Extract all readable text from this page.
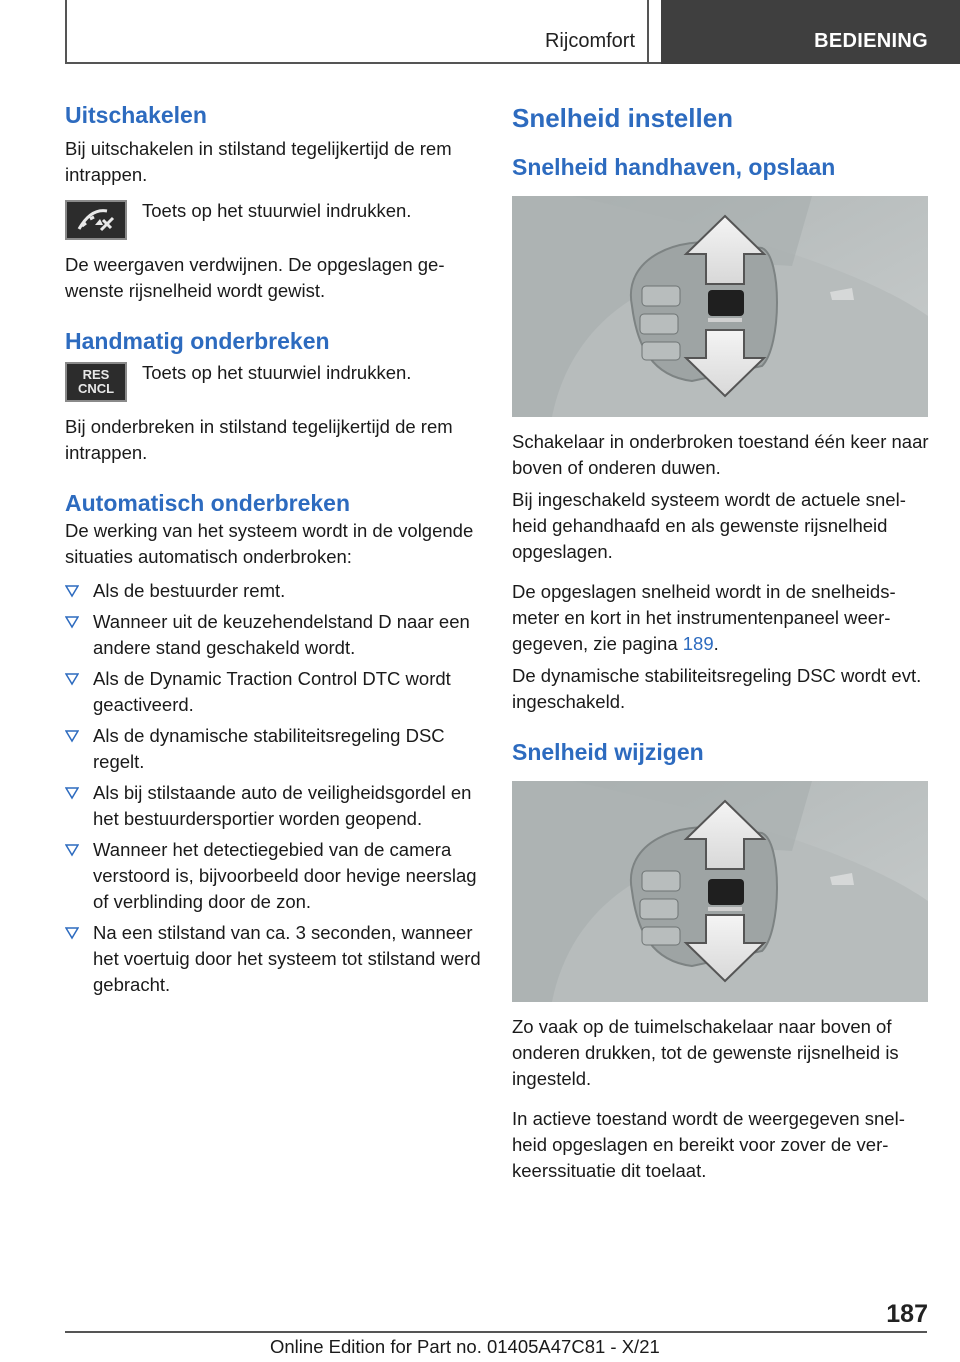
Rijcomfort	BEDIENING
Uitschakelen

Bij uitschakelen in stilstand tegelijkertijd de rem intrappen.

Toets op het stuurwiel indrukken.

De weergaven verdwijnen. De opgeslagen gewenste rijsnelheid wordt gewist.

Handmatig onderbreken
RES
CNCL
Toets op het stuurwiel indrukken.

Bij onderbreken in stilstand tegelijkertijd de rem intrappen.

Automatisch onderbreken

De werking van het systeem wordt in de volgende situaties automatisch onderbroken:

Als de bestuurder remt.
Wanneer uit de keuzehendelstand D naar een andere stand geschakeld wordt.
Als de Dynamic Traction Control DTC wordt geactiveerd.
Als de dynamische stabiliteitsregeling DSC regelt.
Als bij stilstaande auto de veiligheidsgordel en het bestuurdersportier worden geopend.
Wanneer het detectiegebied van de camera verstoord is, bijvoorbeeld door hevige neerslag of verblinding door de zon.
Na een stilstand van ca. 3 seconden, wanneer het voertuig door het systeem tot stilstand werd gebracht.
Snelheid instellen
Snelheid handhaven, opslaan

Schakelaar in onderbroken toestand één keer naar boven of onderen duwen.

Bij ingeschakeld systeem wordt de actuele snelheid gehandhaafd en als gewenste rijsnelheid opgeslagen.

De opgeslagen snelheid wordt in de snelheidsmeter en kort in het instrumentenpaneel weergegeven, zie pagina 189.

De dynamische stabiliteitsregeling DSC wordt evt. ingeschakeld.

Snelheid wijzigen

Zo vaak op de tuimelschakelaar naar boven of onderen drukken, tot de gewenste rijsnelheid is ingesteld.

In actieve toestand wordt de weergegeven snelheid opgeslagen en bereikt voor zover de verkeerssituatie dit toelaat.

187
Online Edition for Part no. 01405A47C81 - X/21
